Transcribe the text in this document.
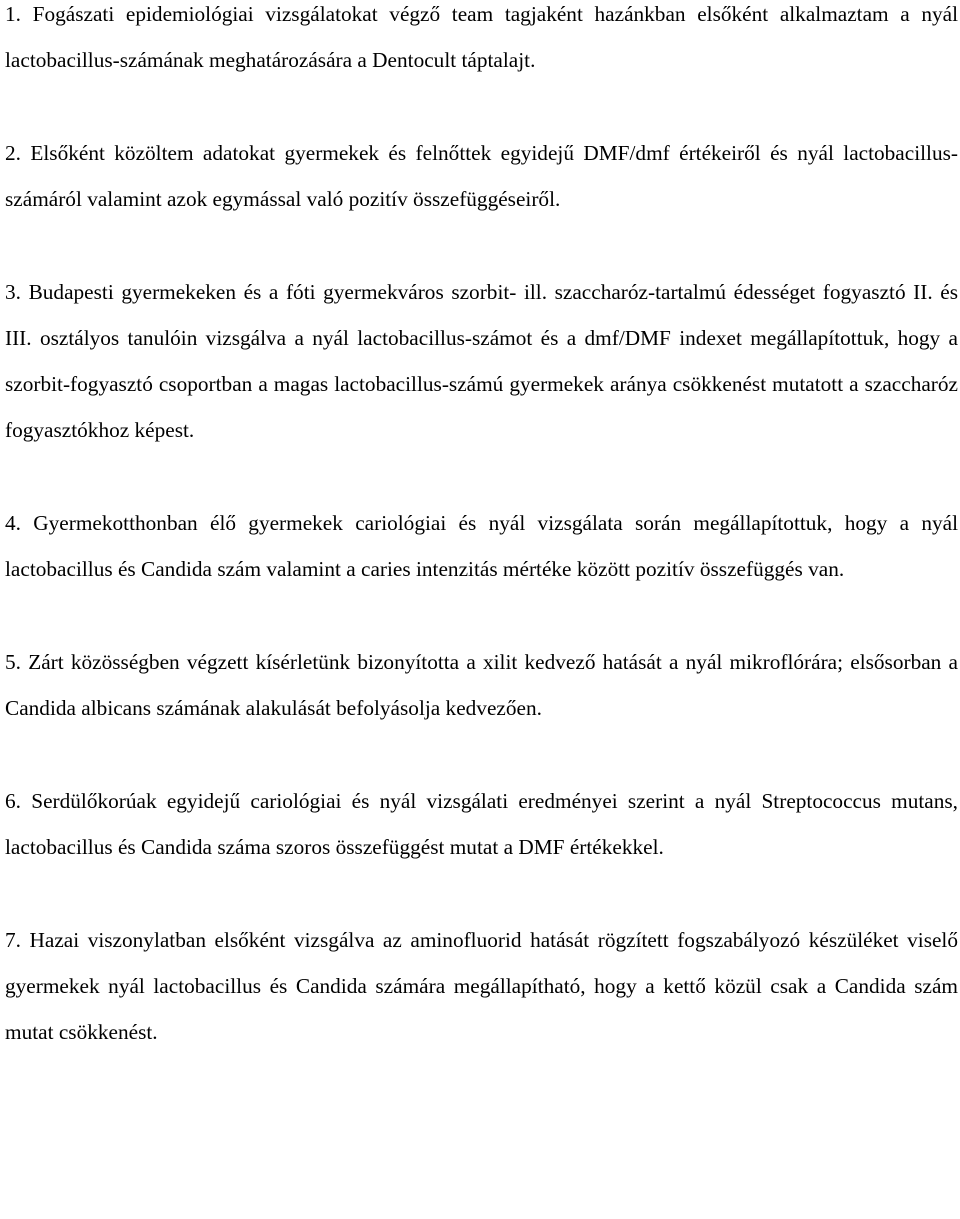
1. Fogászati epidemiológiai vizsgálatokat végző team tagjaként hazánkban elsőként alkalmaztam a nyál lactobacillus-számának meghatározására a Dentocult táptalajt.

2. Elsőként közöltem adatokat gyermekek és felnőttek egyidejű DMF/dmf értékeiről és nyál lactobacillus-számáról valamint azok egymással való pozitív összefüggéseiről.

3. Budapesti gyermekeken és a fóti gyermekváros szorbit- ill. szaccharóz-tartalmú édességet fogyasztó II. és III. osztályos tanulóin vizsgálva a nyál lactobacillus-számot és a dmf/DMF indexet megállapítottuk, hogy a szorbit-fogyasztó csoportban a magas lactobacillus-számú gyermekek aránya csökkenést mutatott a szaccharóz fogyasztókhoz képest.

4. Gyermekotthonban élő gyermekek cariológiai és nyál vizsgálata során megállapítottuk, hogy a nyál lactobacillus és Candida szám valamint a caries intenzitás mértéke között pozitív összefüggés van.

5. Zárt közösségben végzett kísérletünk bizonyította a xilit kedvező hatását a nyál mikroflórára; elsősorban a Candida albicans számának alakulását befolyásolja kedvezően.

6. Serdülőkorúak egyidejű cariológiai és nyál vizsgálati eredményei szerint a nyál Streptococcus mutans, lactobacillus és Candida száma szoros összefüggést mutat a DMF értékekkel.

7. Hazai viszonylatban elsőként vizsgálva az aminofluorid hatását rögzített fogszabályozó készüléket viselő gyermekek nyál lactobacillus és Candida számára megállapítható, hogy a kettő közül csak a Candida szám mutat csökkenést.
